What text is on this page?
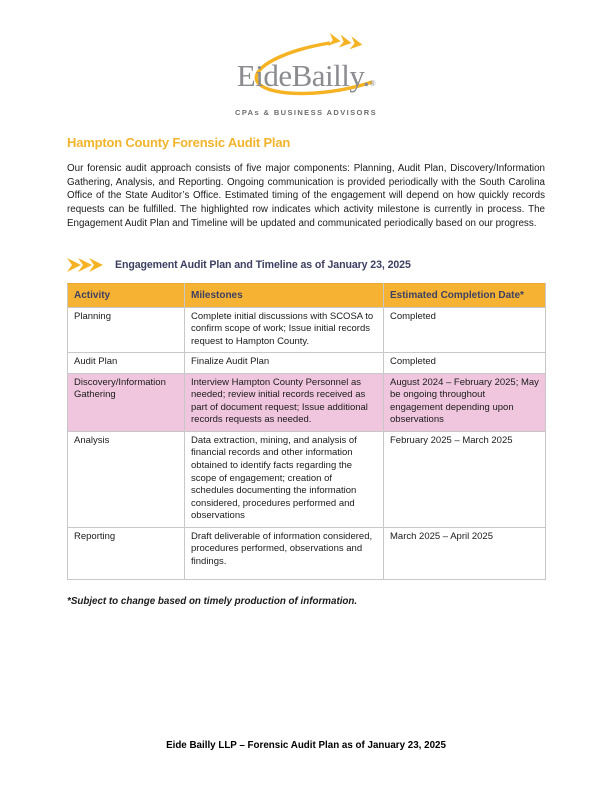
EideBailly.®
CPAs & BUSINESS ADVISORS
Hampton County Forensic Audit Plan

Our forensic audit approach consists of five major components: Planning, Audit Plan, Discovery/Information Gathering, Analysis, and Reporting. Ongoing communication is provided periodically with the South Carolina Office of the State Auditor’s Office. Estimated timing of the engagement will depend on how quickly records requests can be fulfilled. The highlighted row indicates which activity milestone is currently in process. The Engagement Audit Plan and Timeline will be updated and communicated periodically based on our progress.

Engagement Audit Plan and Timeline as of January 23, 2025
Activity	Milestones	Estimated Completion Date*
Planning	Complete initial discussions with SCOSA to confirm scope of work; Issue initial records request to Hampton County.	Completed
Audit Plan	Finalize Audit Plan	Completed
Discovery/Information Gathering	Interview Hampton County Personnel as needed; review initial records received as part of document request; Issue additional records requests as needed.	August 2024 – February 2025; May be ongoing throughout engagement depending upon observations
Analysis	Data extraction, mining, and analysis of financial records and other information obtained to identify facts regarding the scope of engagement; creation of schedules documenting the information considered, procedures performed and observations	February 2025 – March 2025
Reporting	Draft deliverable of information considered, procedures performed, observations and findings.	March 2025 – April 2025
*Subject to change based on timely production of information.
Eide Bailly LLP – Forensic Audit Plan as of January 23, 2025
